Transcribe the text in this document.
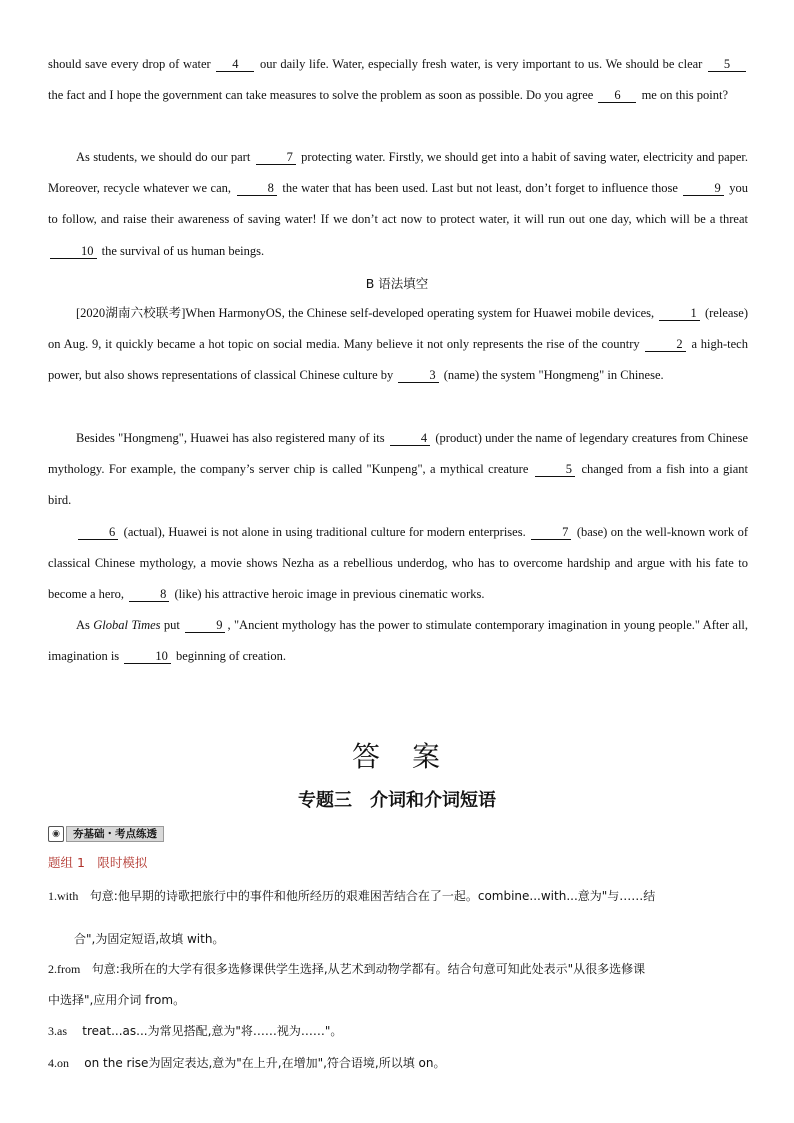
should save every drop of water 4 our daily life. Water, especially fresh water, is very important to us. We should be clear 5 the fact and I hope the government can take measures to solve the problem as soon as possible. Do you agree 6 me on this point?
As students, we should do our part	7 protecting water. Firstly, we should get into a habit of saving water, electricity and paper. Moreover, recycle whatever we can,	8 the water that has been used. Last but not least, don’t forget to influence those	9 you to follow, and raise their awareness of saving water! If we don’t act now to protect water, it will run out one day, which will be a threat 10 the survival of us human beings.
B 语法填空
[2020湖南六校联考]When HarmonyOS, the Chinese self-developed operating system for Huawei mobile devices,	1 (release) on Aug. 9, it quickly became a hot topic on social media. Many believe it not only represents the rise of the country	2 a high-tech power, but also shows representations of classical Chinese culture by	3 (name) the system "Hongmeng" in Chinese.
Besides "Hongmeng", Huawei has also registered many of its	4 (product) under the name of legendary creatures from Chinese mythology. For example, the company’s server chip is called "Kunpeng", a mythical creature	5 changed from a fish into a giant bird.
6 (actual), Huawei is not alone in using traditional culture for modern enterprises.	7 (base) on the well-known work of classical Chinese mythology, a movie shows Nezha as a rebellious underdog, who has to overcome hardship and argue with his fate to become a hero,	8 (like) his attractive heroic image in previous cinematic works.
As Global Times put	9 , "Ancient mythology has the power to stimulate contemporary imagination in young people." After all, imagination is	10 beginning of creation.
答　案
专题三　介词和介词短语
◉	夯基础・考点练透
题组 1　限时模拟
1.with 句意:他早期的诗歌把旅行中的事件和他所经历的艰难困苦结合在了一起。combine...with...意为"与……结
合",为固定短语,故填 with。
2.from 句意:我所在的大学有很多选修课供学生选择,从艺术到动物学都有。结合句意可知此处表示"从很多选修课
中选择",应用介词 from。
3.as treat...as...为常见搭配,意为"将……视为……"。
4.on on the rise为固定表达,意为"在上升,在增加",符合语境,所以填 on。
